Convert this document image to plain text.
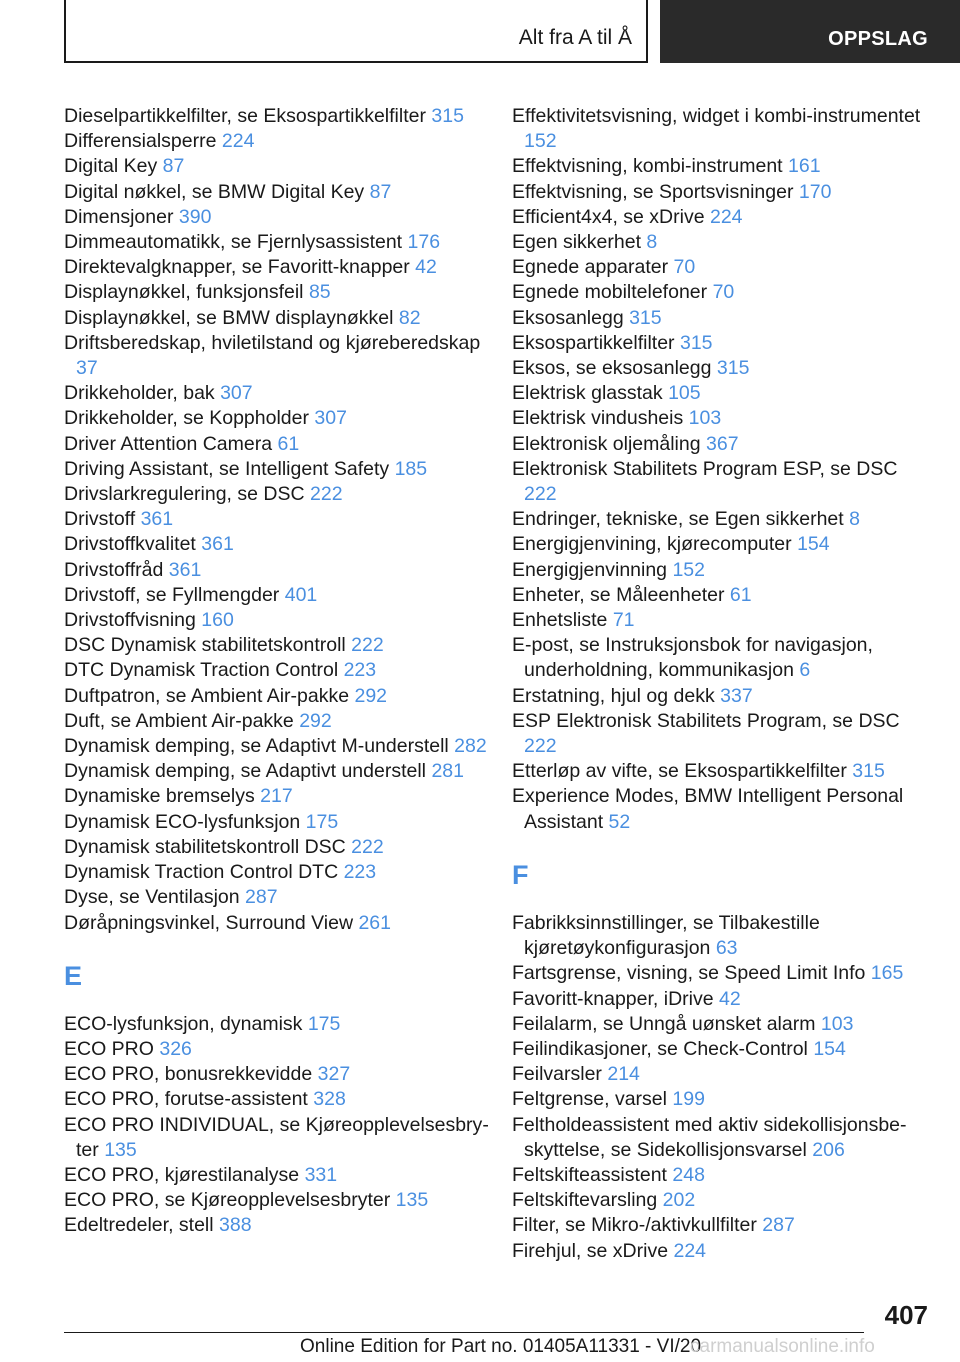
Alt fra A til Å	OPPSLAG
Dieselpartikkelfilter, se Eksospartikkelfilter 315
Differensialsperre 224
Digital Key 87
Digital nøkkel, se BMW Digital Key 87
Dimensjoner 390
Dimmeautomatikk, se Fjernlysassistent 176
Direktevalgknapper, se Favoritt-knapper 42
Displaynøkkel, funksjonsfeil 85
Displaynøkkel, se BMW displaynøkkel 82
Driftsberedskap, hviletilstand og kjøreberedskap 37
Drikkeholder, bak 307
Drikkeholder, se Koppholder 307
Driver Attention Camera 61
Driving Assistant, se Intelligent Safety 185
Drivslarkregulering, se DSC 222
Drivstoff 361
Drivstoffkvalitet 361
Drivstoffråd 361
Drivstoff, se Fyllmengder 401
Drivstoffvisning 160
DSC Dynamisk stabilitetskontroll 222
DTC Dynamisk Traction Control 223
Duftpatron, se Ambient Air-pakke 292
Duft, se Ambient Air-pakke 292
Dynamisk demping, se Adaptivt M-understell 282
Dynamisk demping, se Adaptivt understell 281
Dynamiske bremselys 217
Dynamisk ECO-lysfunksjon 175
Dynamisk stabilitetskontroll DSC 222
Dynamisk Traction Control DTC 223
Dyse, se Ventilasjon 287
Døråpningsvinkel, Surround View 261
E
ECO-lysfunksjon, dynamisk 175
ECO PRO 326
ECO PRO, bonusrekkevidde 327
ECO PRO, forutse-assistent 328
ECO PRO INDIVIDUAL, se Kjøreopplevelsesbryter 135
ECO PRO, kjørestilanalyse 331
ECO PRO, se Kjøreopplevelsesbryter 135
Edeltredeler, stell 388
Effektivitetsvisning, widget i kombi-instrumentet 152
Effektvisning, kombi-instrument 161
Effektvisning, se Sportsvisninger 170
Efficient4x4, se xDrive 224
Egen sikkerhet 8
Egnede apparater 70
Egnede mobiltelefoner 70
Eksosanlegg 315
Eksospartikkelfilter 315
Eksos, se eksosanlegg 315
Elektrisk glasstak 105
Elektrisk vindusheis 103
Elektronisk oljemåling 367
Elektronisk Stabilitets Program ESP, se DSC 222
Endringer, tekniske, se Egen sikkerhet 8
Energigjenvining, kjørecomputer 154
Energigjenvinning 152
Enheter, se Måleenheter 61
Enhetsliste 71
E-post, se Instruksjonsbok for navigasjon, underholdning, kommunikasjon 6
Erstatning, hjul og dekk 337
ESP Elektronisk Stabilitets Program, se DSC 222
Etterløp av vifte, se Eksospartikkelfilter 315
Experience Modes, BMW Intelligent Personal Assistant 52
F
Fabrikksinnstillinger, se Tilbakestille kjøretøykonfigurasjon 63
Fartsgrense, visning, se Speed Limit Info 165
Favoritt-knapper, iDrive 42
Feilalarm, se Unngå uønsket alarm 103
Feilindikasjoner, se Check-Control 154
Feilvarsler 214
Feltgrense, varsel 199
Feltholdeassistent med aktiv sidekollisjonsbeskyttelse, se Sidekollisjonsvarsel 206
Feltskifteassistent 248
Feltskiftevarsling 202
Filter, se Mikro-/aktivkullfilter 287
Firehjul, se xDrive 224
407
Online Edition for Part no. 01405A11331 - VI/20
carmanualsonline.info
